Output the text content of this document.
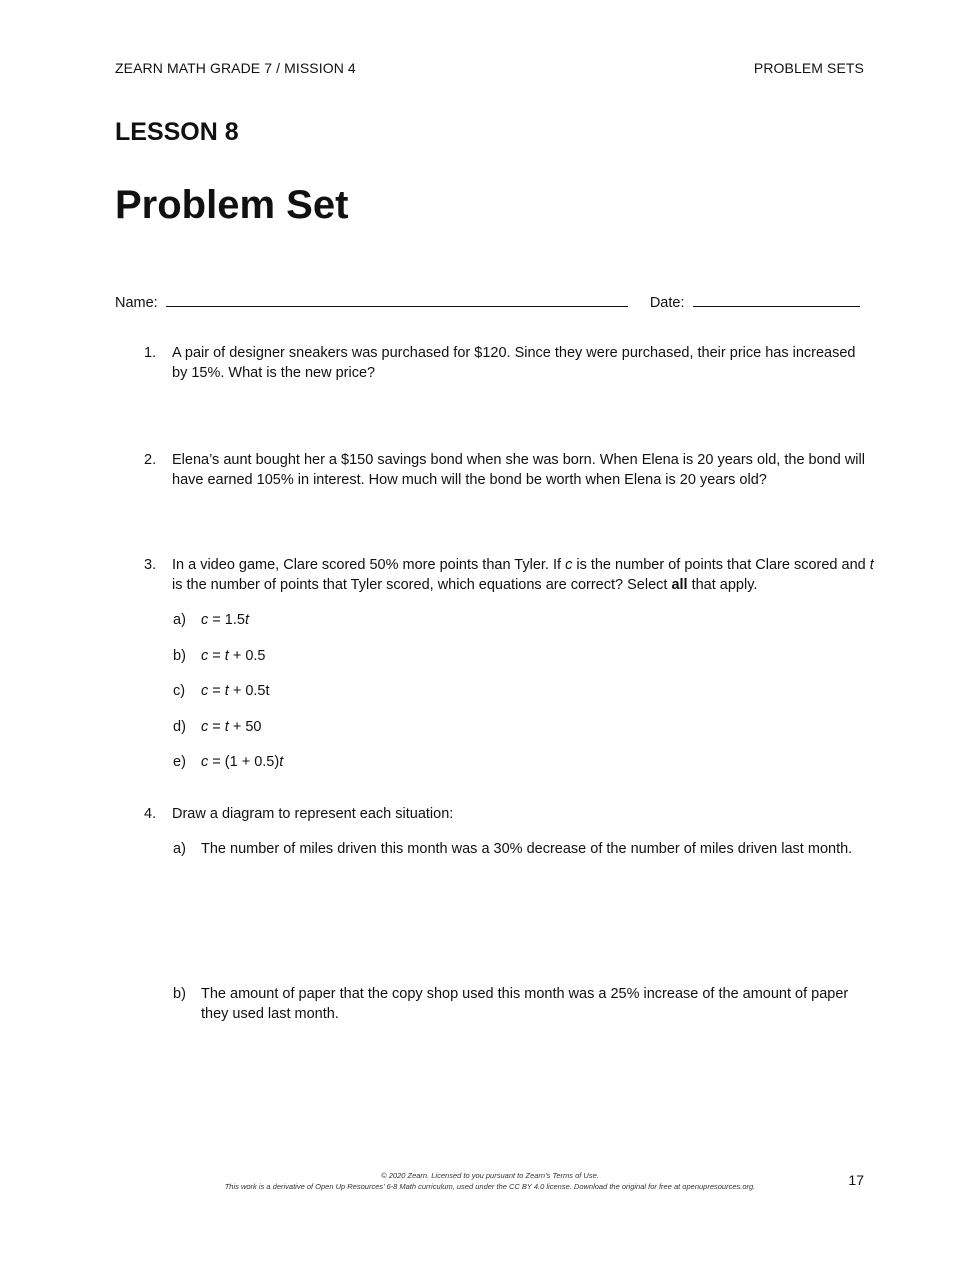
ZEARN MATH GRADE 7 / MISSION 4	PROBLEM SETS
LESSON 8
Problem Set
Name:	Date:
1. A pair of designer sneakers was purchased for $120. Since they were purchased, their price has increased by 15%. What is the new price?
2. Elena’s aunt bought her a $150 savings bond when she was born. When Elena is 20 years old, the bond will have earned 105% in interest. How much will the bond be worth when Elena is 20 years old?
3. In a video game, Clare scored 50% more points than Tyler. If c is the number of points that Clare scored and t is the number of points that Tyler scored, which equations are correct? Select all that apply.
a) c = 1.5t
b) c = t + 0.5
c) c = t + 0.5t
d) c = t + 50
e) c = (1 + 0.5)t
4. Draw a diagram to represent each situation:
a)	The number of miles driven this month was a 30% decrease of the number of miles driven last month.
b)	The amount of paper that the copy shop used this month was a 25% increase of the amount of paper they used last month.
© 2020 Zearn. Licensed to you pursuant to Zearn’s Terms of Use.
This work is a derivative of Open Up Resources’ 6-8 Math curriculum, used under the CC BY 4.0 license. Download the original for free at openupresources.org.	17
